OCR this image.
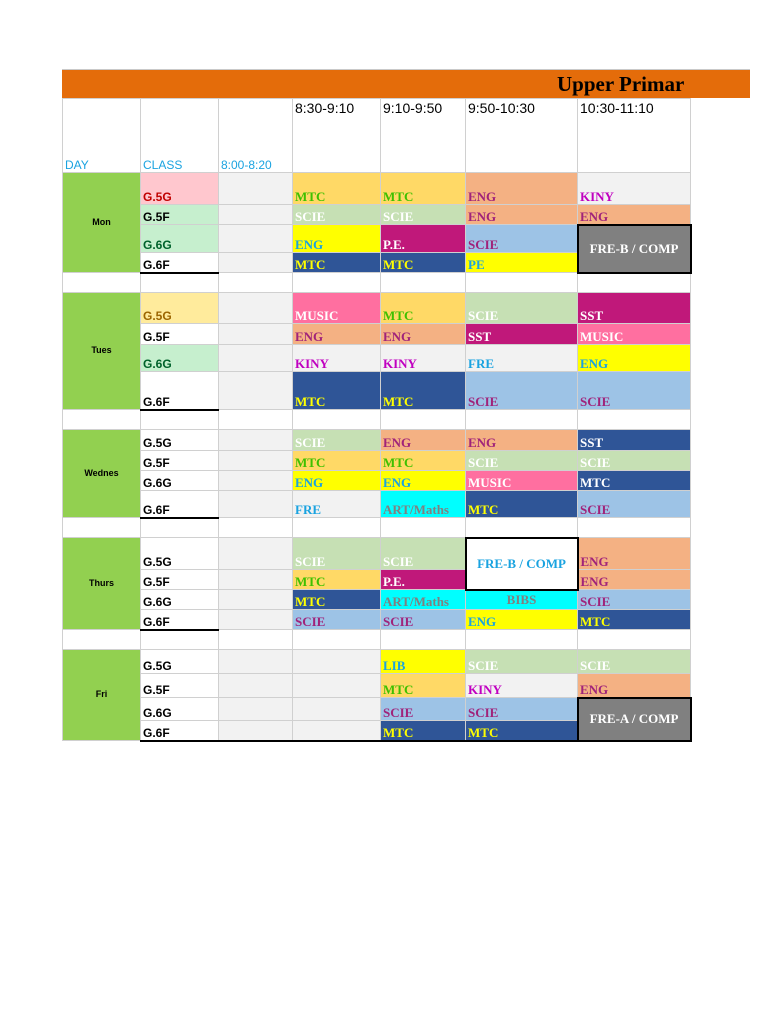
Upper Primar
DAY	CLASS	8:00-8:20	8:30-9:10	9:10-9:50	9:50-10:30	10:30-11:10
Mon	G.5G		MTC	MTC	ENG	KINY
	G.5F		SCIE	SCIE	ENG	ENG
	G.6G		ENG	P.E.	SCIE	FRE-B / COMP
	G.6F		MTC	MTC	PE	

Tues	G.5G		MUSIC	MTC	SCIE	SST
	G.5F		ENG	ENG	SST	MUSIC
	G.6G		KINY	KINY	FRE	ENG
	G.6F		MTC	MTC	SCIE	SCIE

Wednes	G.5G		SCIE	ENG	ENG	SST
	G.5F		MTC	MTC	SCIE	SCIE
	G.6G		ENG	ENG	MUSIC	MTC
	G.6F		FRE	ART/Maths	MTC	SCIE

Thurs	G.5G		SCIE	SCIE	FRE-B / COMP	ENG
	G.5F		MTC	P.E.		ENG
	G.6G		MTC	ART/Maths	BIBS	SCIE
	G.6F		SCIE	SCIE	ENG	MTC

Fri	G.5G			LIB	SCIE	SCIE
	G.5F			MTC	KINY	ENG
	G.6G			SCIE	SCIE	FRE-A / COMP
	G.6F			MTC	MTC	
